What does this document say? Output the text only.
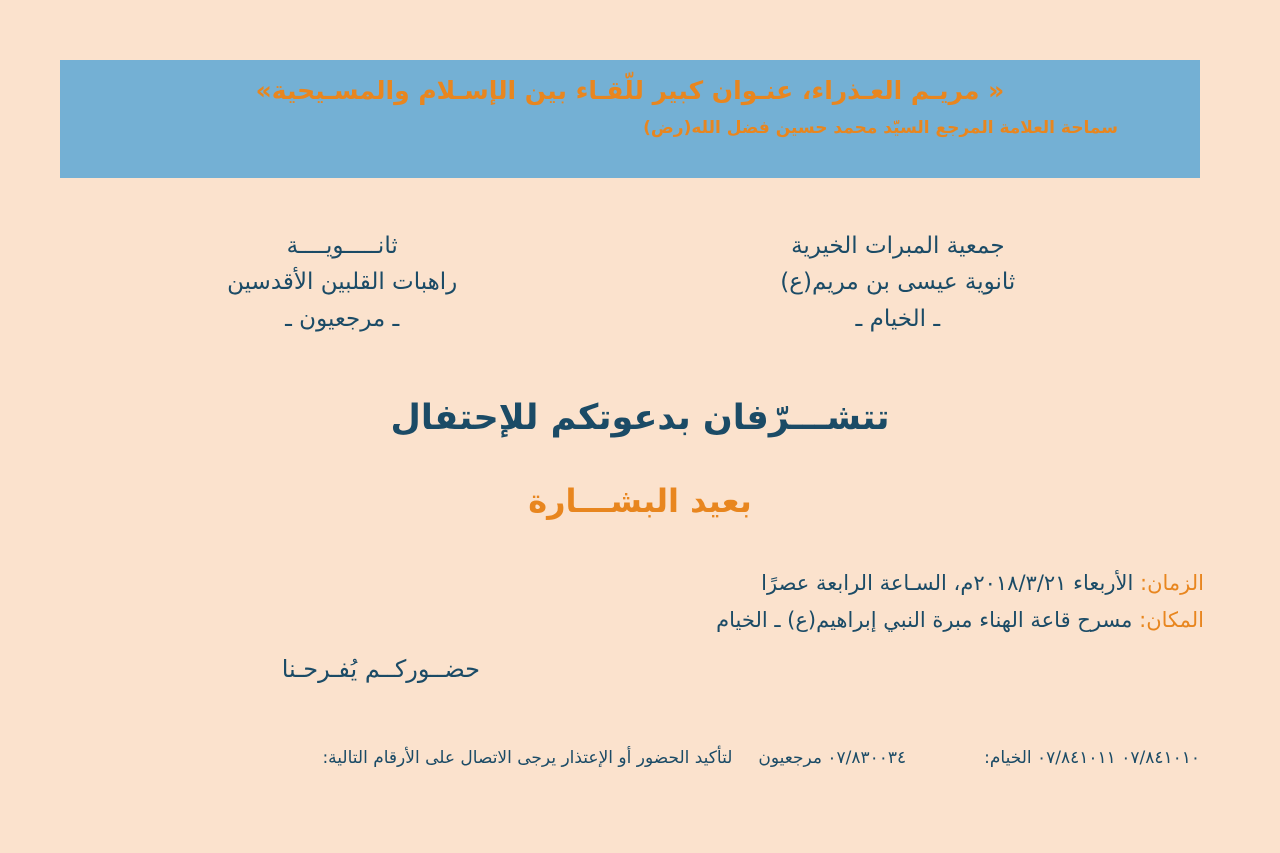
« مريـم العـذراء، عنـوان كبير للّقـاء بين الإسـلام والمسـيحية»
سماحة العلامة المرجع السيّد محمد حسين فضل الله(رض)
جمعية المبرات الخيرية
ثانوية عيسى بن مريم(ع)
ـ الخيام ـ
ثانـــــويــــة
راهبات القلبين الأقدسين
ـ مرجعيون ـ
تتشـــرّفان بدعوتكم للإحتفال
بعيد البشـــارة
الزمان: الأربعاء ٢٠١٨/٣/٢١م، السـاعة الرابعة عصرًا
المكان: مسرح قاعة الهناء مبرة النبي إبراهيم(ع) ـ الخيام
حضــوركــم يُفـرحـنا
٠٧/٨٤١٠١٠ ٠٧/٨٤١٠١١ الخيام:
٠٧/٨٣٠٠٣٤ مرجعيون
لتأكيد الحضور أو الإعتذار يرجى الاتصال على الأرقام التالية:
